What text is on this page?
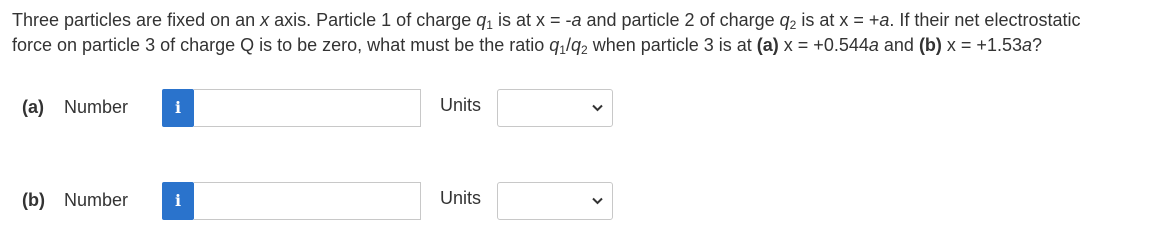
Three particles are fixed on an x axis. Particle 1 of charge $q_1$ is at x = -a and particle 2 of charge $q_2$ is at x = +a. If their net electrostatic
force on particle 3 of charge Q is to be zero, what must be the ratio $q_1/q_2$ when particle 3 is at (a) x = +0.544a and (b) x = +1.53a?
(a) Number	i	Units
(b) Number	i	Units
